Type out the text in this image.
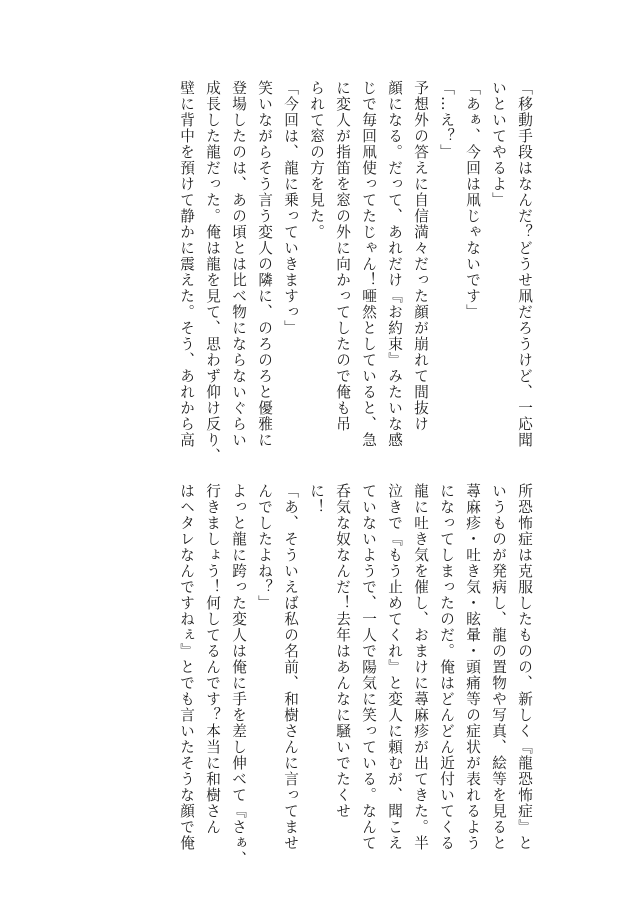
「移動手段はなんだ？どうせ凧だろうけど、一応聞
いといてやるよ」
「あぁ、今回は凧じゃないです」
「…え？」
予想外の答えに自信満々だった顔が崩れて間抜け
顔になる。だって、あれだけ『お約束』みたいな感
じで毎回凧使ってたじゃん！唖然としていると、急
に変人が指笛を窓の外に向かってしたので俺も吊
られて窓の方を見た。
「今回は、龍に乗っていきますっ」
笑いながらそう言う変人の隣に、のろのろと優雅に
登場したのは、あの頃とは比べ物にならないぐらい
成長した龍だった。俺は龍を見て、思わず仰け反り、
壁に背中を預けて静かに震えた。そう、あれから高
所恐怖症は克服したものの、新しく『龍恐怖症』と
いうものが発病し、龍の置物や写真、絵等を見ると
蕁麻疹・吐き気・眩暈・頭痛等の症状が表れるよう
になってしまったのだ。俺はどんどん近付いてくる
龍に吐き気を催し、おまけに蕁麻疹が出てきた。半
泣きで『もう止めてくれ』と変人に頼むが、聞こえ
ていないようで、一人で陽気に笑っている。なんて
呑気な奴なんだ！去年はあんなに騒いでたくせ
に！
「あ、そういえば私の名前、和樹さんに言ってませ
んでしたよね？」
よっと龍に跨った変人は俺に手を差し伸べて『さぁ、
行きましょう！何してるんです？本当に和樹さん
はヘタレなんですねぇ』とでも言いたそうな顔で俺
